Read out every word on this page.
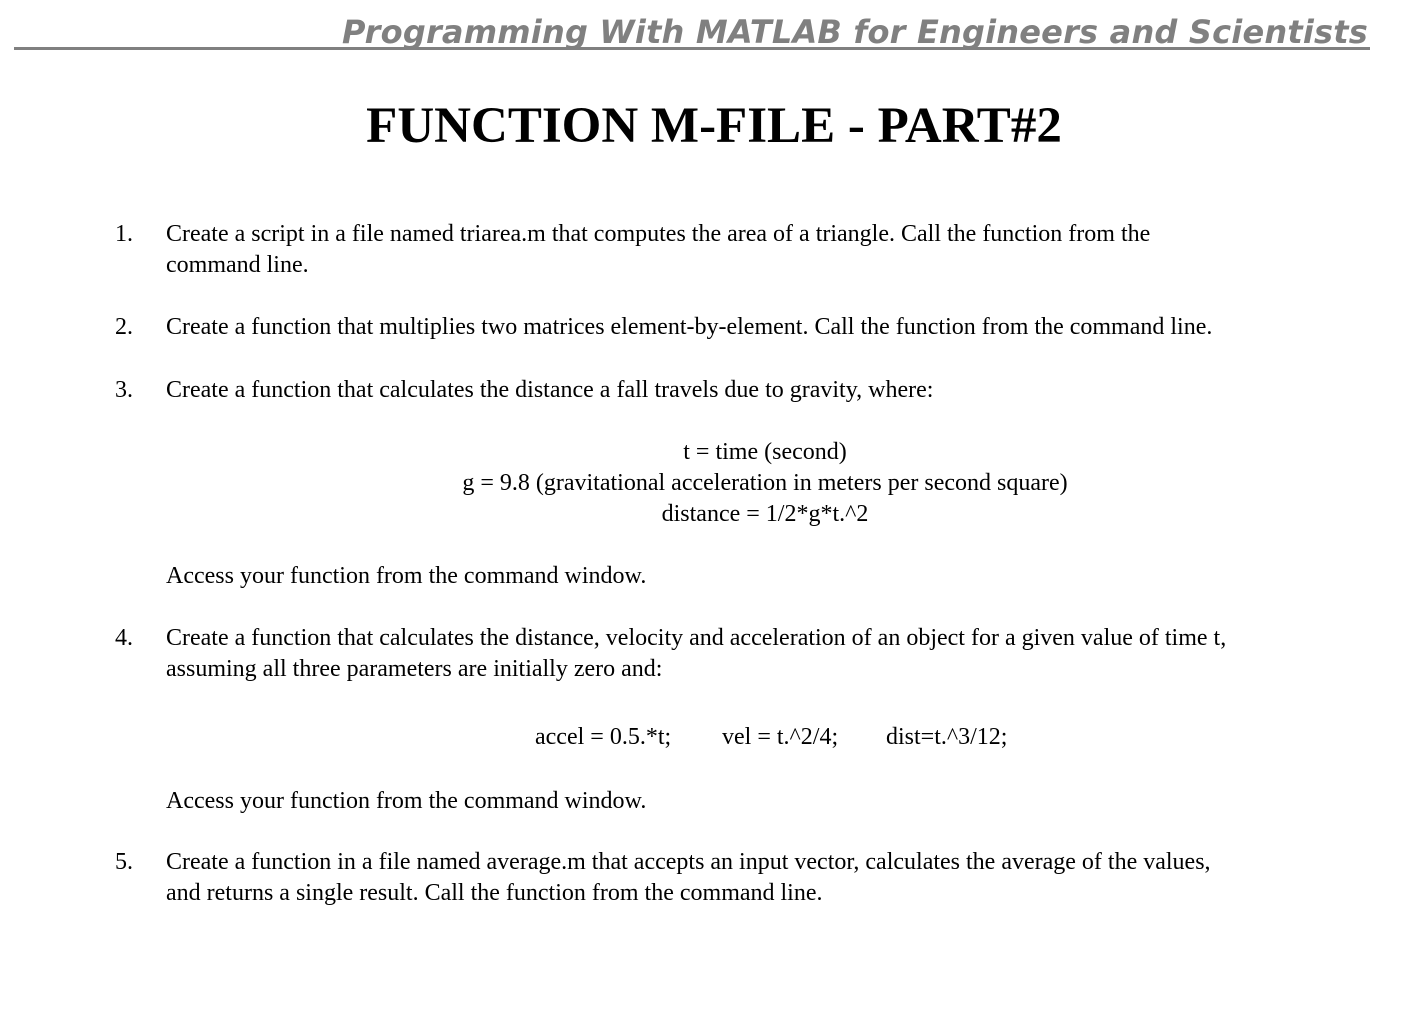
Programming With MATLAB for Engineers and Scientists
FUNCTION M-FILE - PART#2
1. Create a script in a file named triarea.m that computes the area of a triangle. Call the function from the
command line.
2. Create a function that multiplies two matrices element-by-element. Call the function from the command line.
3. Create a function that calculates the distance a fall travels due to gravity, where:
t = time (second)
g = 9.8 (gravitational acceleration in meters per second square)
distance = 1/2*g*t.^2
Access your function from the command window.
4. Create a function that calculates the distance, velocity and acceleration of an object for a given value of time t,
assuming all three parameters are initially zero and:
accel = 0.5.*t; vel = t.^2/4; dist=t.^3/12;
Access your function from the command window.
5. Create a function in a file named average.m that accepts an input vector, calculates the average of the values,
and returns a single result. Call the function from the command line.
